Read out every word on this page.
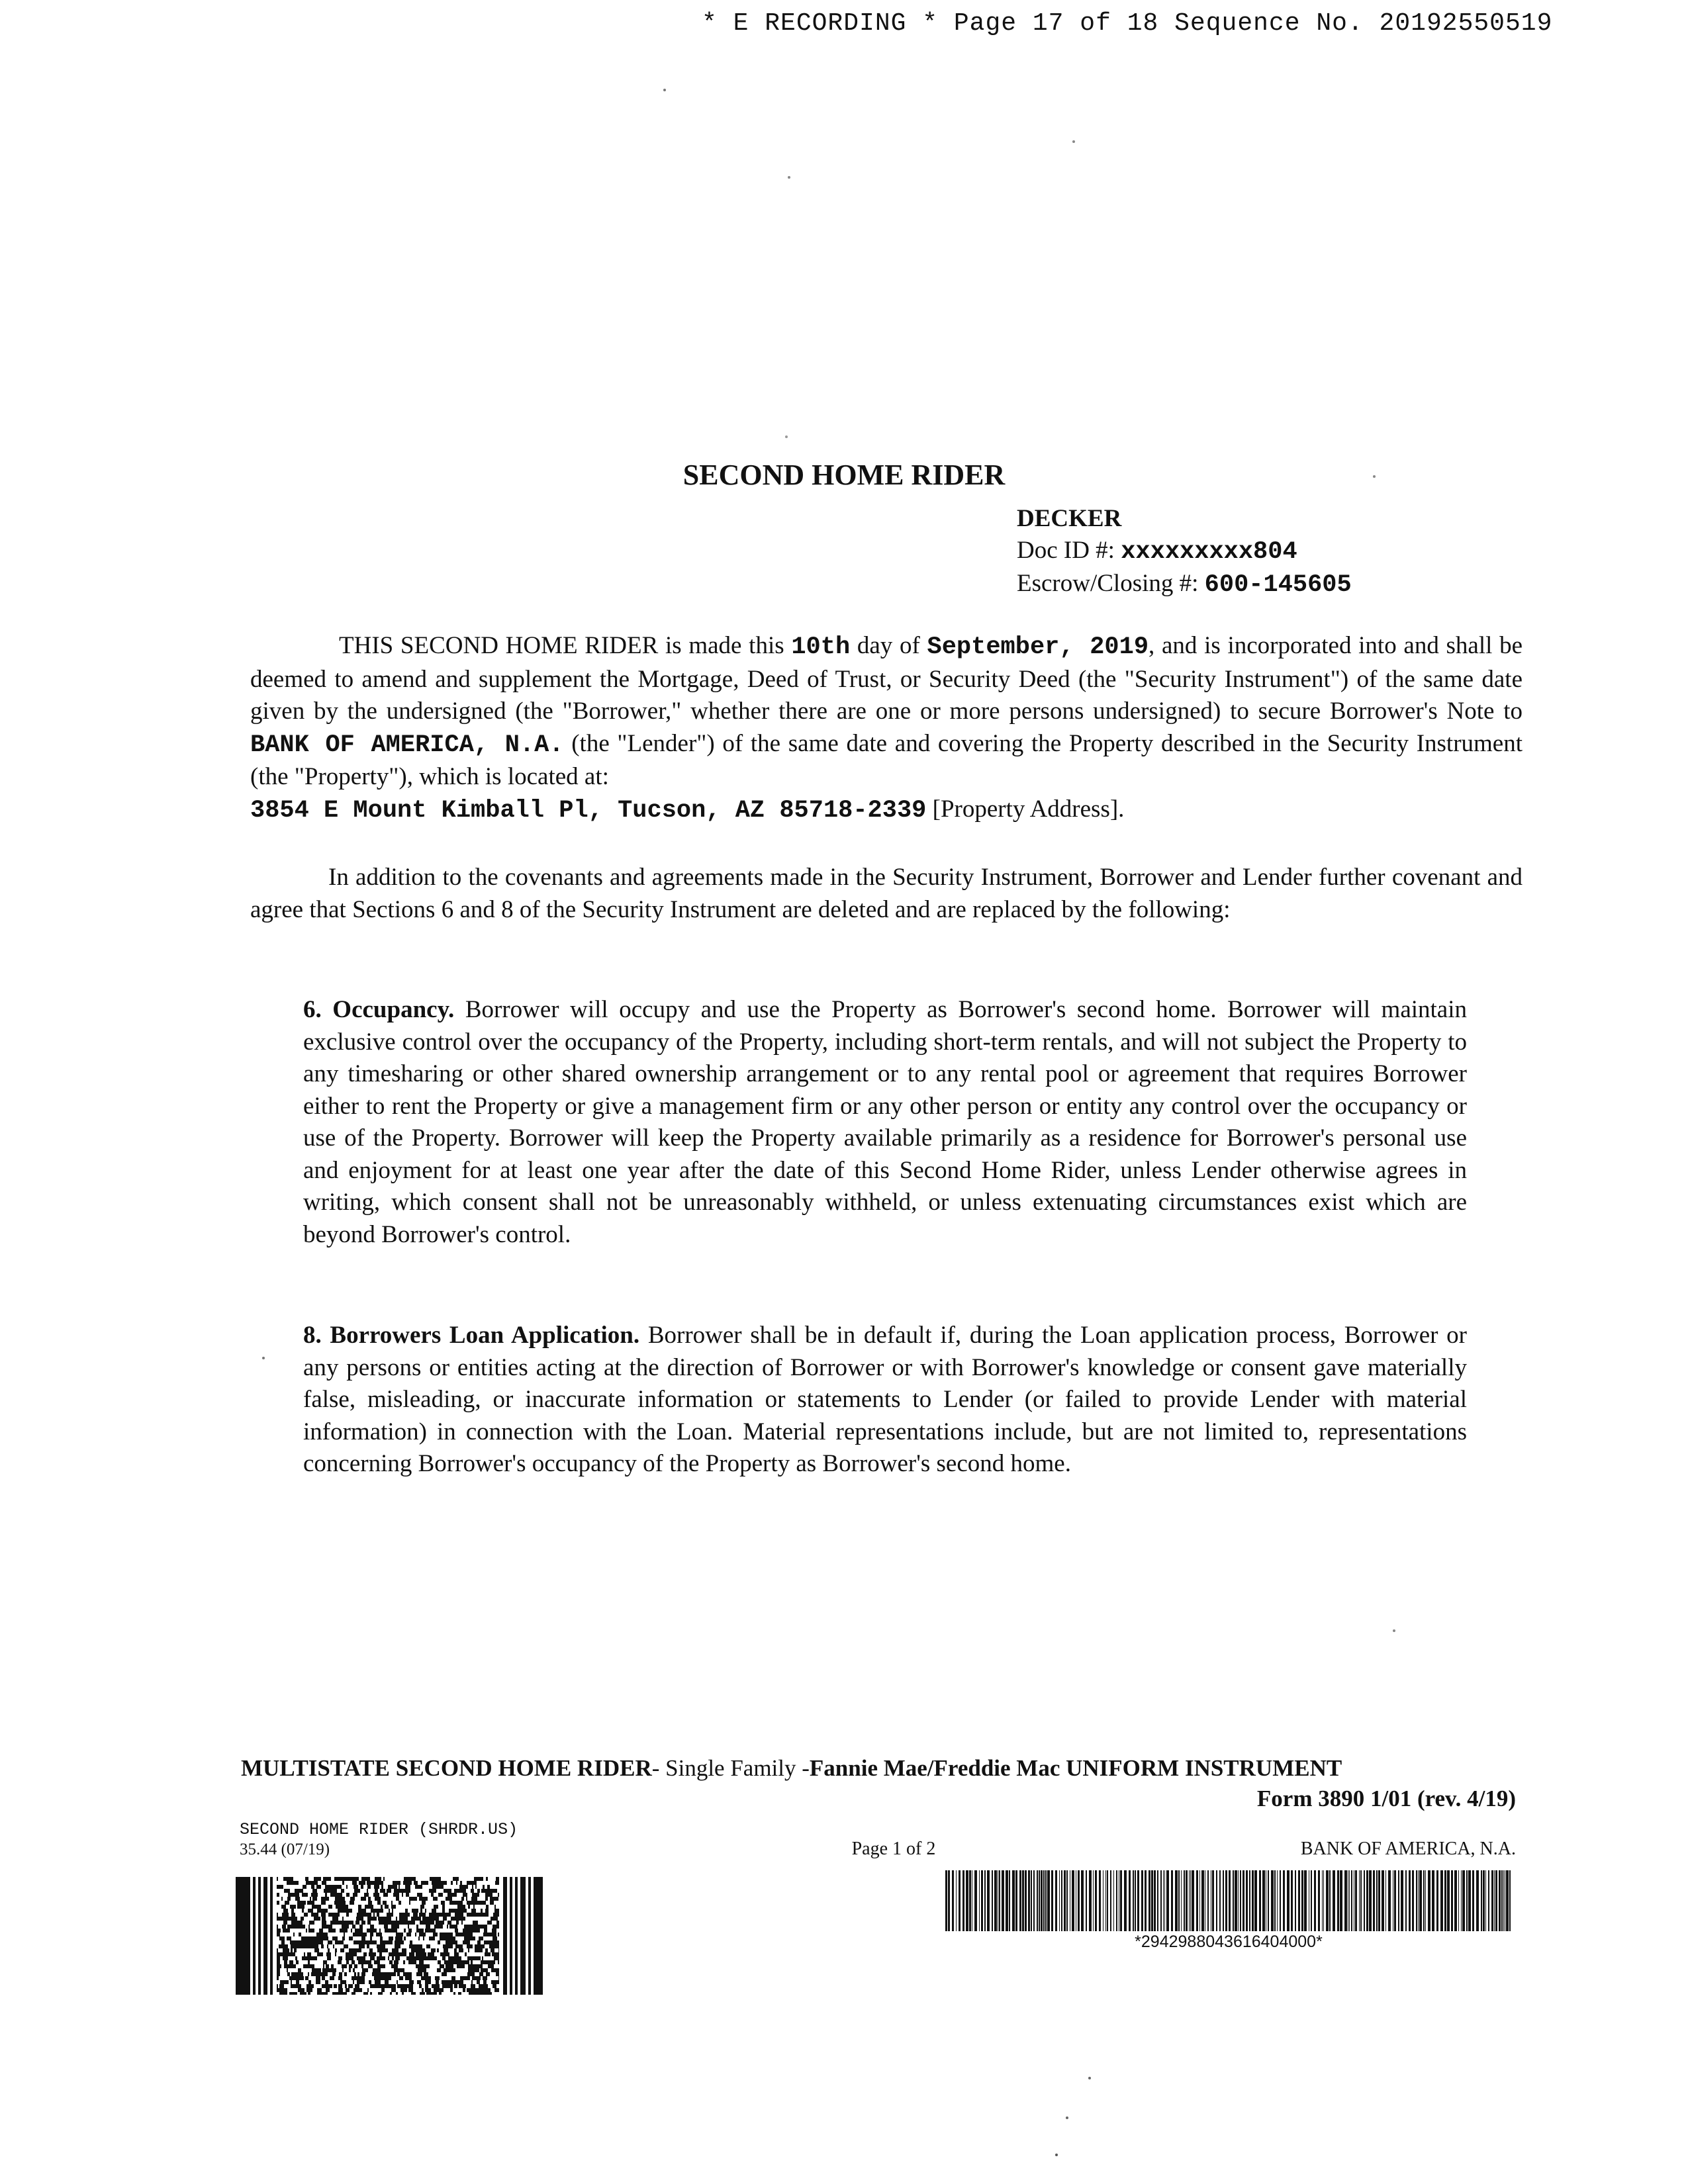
* E RECORDING * Page 17 of 18 Sequence No. 20192550519
SECOND HOME RIDER
DECKER
Doc ID #: xxxxxxxxx804
Escrow/Closing #: 600-145605
THIS SECOND HOME RIDER is made this 10th day of September, 2019, and is incorporated into and shall be deemed to amend and supplement the Mortgage, Deed of Trust, or Security Deed (the "Security Instrument") of the same date given by the undersigned (the "Borrower," whether there are one or more persons undersigned) to secure Borrower's Note to BANK OF AMERICA, N.A. (the "Lender") of the same date and covering the Property described in the Security Instrument (the "Property"), which is located at:
3854 E Mount Kimball Pl, Tucson, AZ 85718-2339 [Property Address].
In addition to the covenants and agreements made in the Security Instrument, Borrower and Lender further covenant and agree that Sections 6 and 8 of the Security Instrument are deleted and are replaced by the following:
6. Occupancy. Borrower will occupy and use the Property as Borrower's second home. Borrower will maintain exclusive control over the occupancy of the Property, including short-term rentals, and will not subject the Property to any timesharing or other shared ownership arrangement or to any rental pool or agreement that requires Borrower either to rent the Property or give a management firm or any other person or entity any control over the occupancy or use of the Property. Borrower will keep the Property available primarily as a residence for Borrower's personal use and enjoyment for at least one year after the date of this Second Home Rider, unless Lender otherwise agrees in writing, which consent shall not be unreasonably withheld, or unless extenuating circumstances exist which are beyond Borrower's control.
8. Borrowers Loan Application. Borrower shall be in default if, during the Loan application process, Borrower or any persons or entities acting at the direction of Borrower or with Borrower's knowledge or consent gave materially false, misleading, or inaccurate information or statements to Lender (or failed to provide Lender with material information) in connection with the Loan. Material representations include, but are not limited to, representations concerning Borrower's occupancy of the Property as Borrower's second home.
MULTISTATE SECOND HOME RIDER- Single Family -Fannie Mae/Freddie Mac UNIFORM INSTRUMENT
Form 3890 1/01 (rev. 4/19)
SECOND HOME RIDER (SHRDR.US)
35.44 (07/19)	Page 1 of 2	BANK OF AMERICA, N.A.
*2942988043616404000*
